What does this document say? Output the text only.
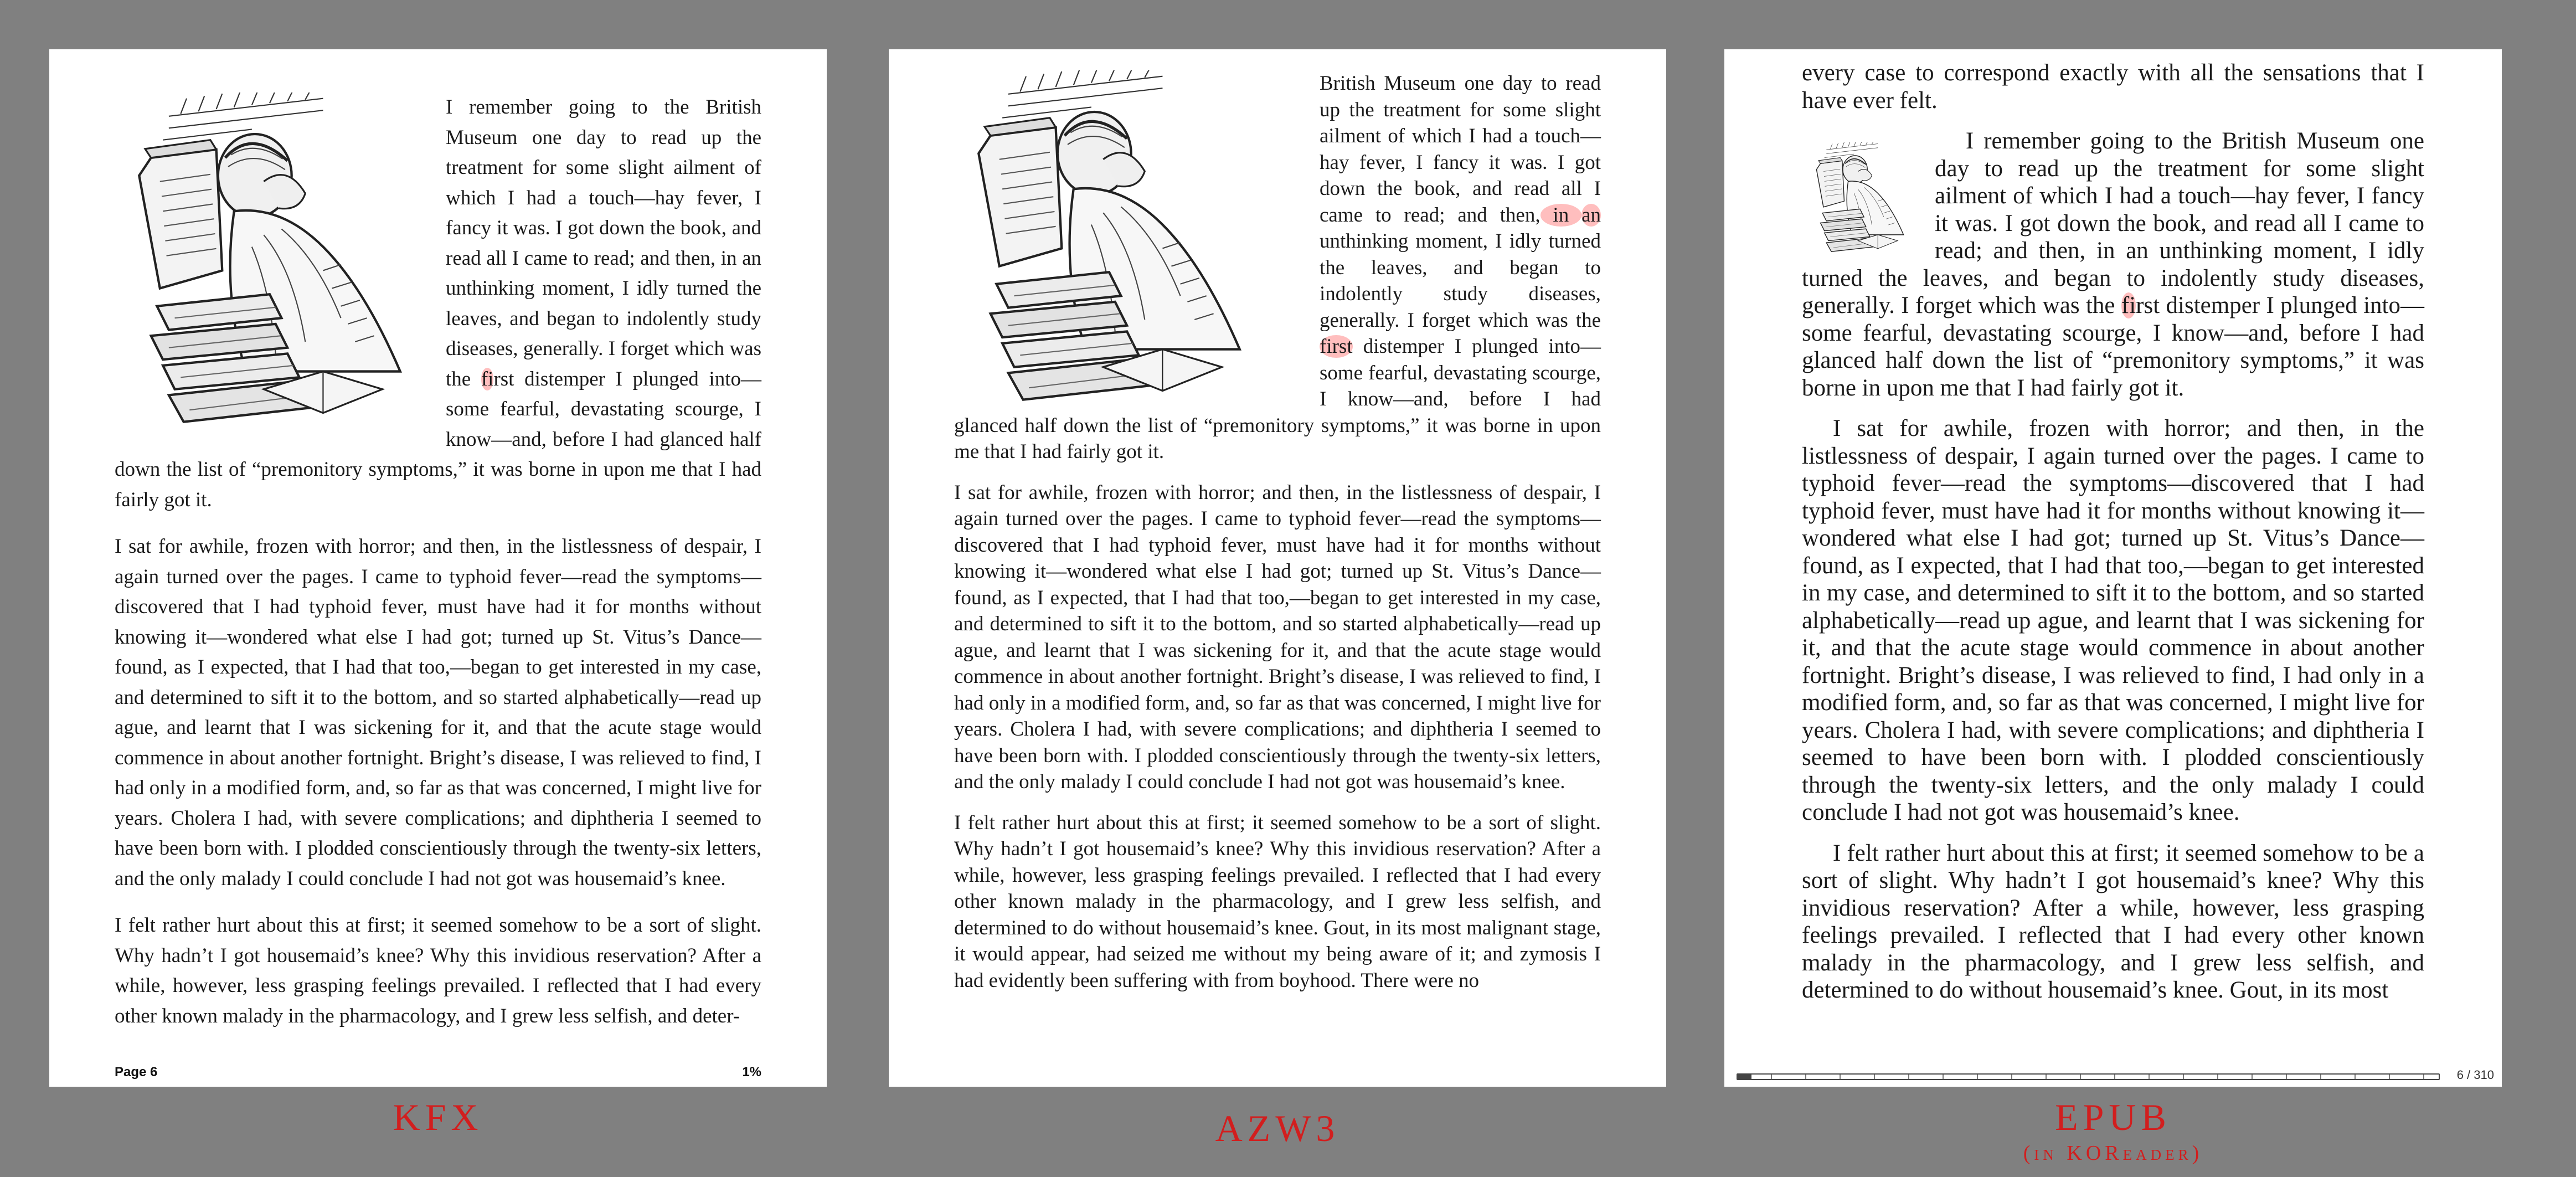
I remember going to the British Museum one day to read up the treatment for some slight ailment of which I had a touch—hay fever, I fancy it was. I got down the book, and read all I came to read; and then, in an unthinking moment, I idly turned the leaves, and began to indolently study diseases, generally. I forget which was the first distemper I plunged into—some fearful, devastating scourge, I know—and, before I had glanced half down the list of “premonitory symptoms,” it was borne in upon me that I had fairly got it.

I sat for awhile, frozen with horror; and then, in the listlessness of despair, I again turned over the pages. I came to typhoid fever—read the symptoms—discovered that I had typhoid fever, must have had it for months without knowing it—wondered what else I had got; turned up St. Vitus’s Dance—found, as I expected, that I had that too,—began to get interested in my case, and determined to sift it to the bottom, and so started alphabetically—read up ague, and learnt that I was sickening for it, and that the acute stage would commence in about another fortnight. Bright’s disease, I was relieved to find, I had only in a modified form, and, so far as that was concerned, I might live for years. Cholera I had, with severe complications; and diphtheria I seemed to have been born with. I plodded conscientiously through the twenty-six letters, and the only malady I could conclude I had not got was housemaid’s knee.

I felt rather hurt about this at first; it seemed somehow to be a sort of slight. Why hadn’t I got housemaid’s knee? Why this invidious reservation? After a while, however, less grasping feelings prevailed. I reflected that I had every other known malady in the pharmacology, and I grew less selfish, and deter-

Page 6	1%

British Museum one day to read up the treatment for some slight ailment of which I had a touch—hay fever, I fancy it was. I got down the book, and read all I came to read; and then, in an unthinking moment, I idly turned the leaves, and began to indolently study diseases, generally. I forget which was the first distemper I plunged into—some fearful, devastating scourge, I know—and, before I had glanced half down the list of “premonitory symptoms,” it was borne in upon me that I had fairly got it.

I sat for awhile, frozen with horror; and then, in the listlessness of despair, I again turned over the pages. I came to typhoid fever—read the symptoms—discovered that I had typhoid fever, must have had it for months without knowing it—wondered what else I had got; turned up St. Vitus’s Dance—found, as I expected, that I had that too,—began to get interested in my case, and determined to sift it to the bottom, and so started alphabetically—read up ague, and learnt that I was sickening for it, and that the acute stage would commence in about another fortnight. Bright’s disease, I was relieved to find, I had only in a modified form, and, so far as that was concerned, I might live for years. Cholera I had, with severe complications; and diphtheria I seemed to have been born with. I plodded conscientiously through the twenty-six letters, and the only malady I could conclude I had not got was housemaid’s knee.

I felt rather hurt about this at first; it seemed somehow to be a sort of slight. Why hadn’t I got housemaid’s knee? Why this invidious reservation? After a while, however, less grasping feelings prevailed. I reflected that I had every other known malady in the pharmacology, and I grew less selfish, and determined to do without housemaid’s knee. Gout, in its most malignant stage, it would appear, had seized me without my being aware of it; and zymosis I had evidently been suffering with from boyhood. There were no

every case to correspond exactly with all the sensations that I have ever felt.

I remember going to the British Museum one day to read up the treatment for some slight ailment of which I had a touch—hay fever, I fancy it was. I got down the book, and read all I came to read; and then, in an unthinking moment, I idly turned the leaves, and began to indolently study diseases, generally. I forget which was the first distemper I plunged into—some fearful, devastating scourge, I know—and, before I had glanced half down the list of “premonitory symptoms,” it was borne in upon me that I had fairly got it.

I sat for awhile, frozen with horror; and then, in the listlessness of despair, I again turned over the pages. I came to typhoid fever—read the symptoms—discovered that I had typhoid fever, must have had it for months without knowing it—wondered what else I had got; turned up St. Vitus’s Dance—found, as I expected, that I had that too,—began to get interested in my case, and determined to sift it to the bottom, and so started alphabetically—read up ague, and learnt that I was sickening for it, and that the acute stage would commence in about another fortnight. Bright’s disease, I was relieved to find, I had only in a modified form, and, so far as that was concerned, I might live for years. Cholera I had, with severe complications; and diphtheria I seemed to have been born with. I plodded conscientiously through the twenty-six letters, and the only malady I could conclude I had not got was housemaid’s knee.

I felt rather hurt about this at first; it seemed somehow to be a sort of slight. Why hadn’t I got housemaid’s knee? Why this invidious reservation? After a while, however, less grasping feelings prevailed. I reflected that I had every other known malady in the pharmacology, and I grew less selfish, and determined to do without housemaid’s knee. Gout, in its most

6 / 310
KFX	AZW3	EPUB
(in KOReader)
